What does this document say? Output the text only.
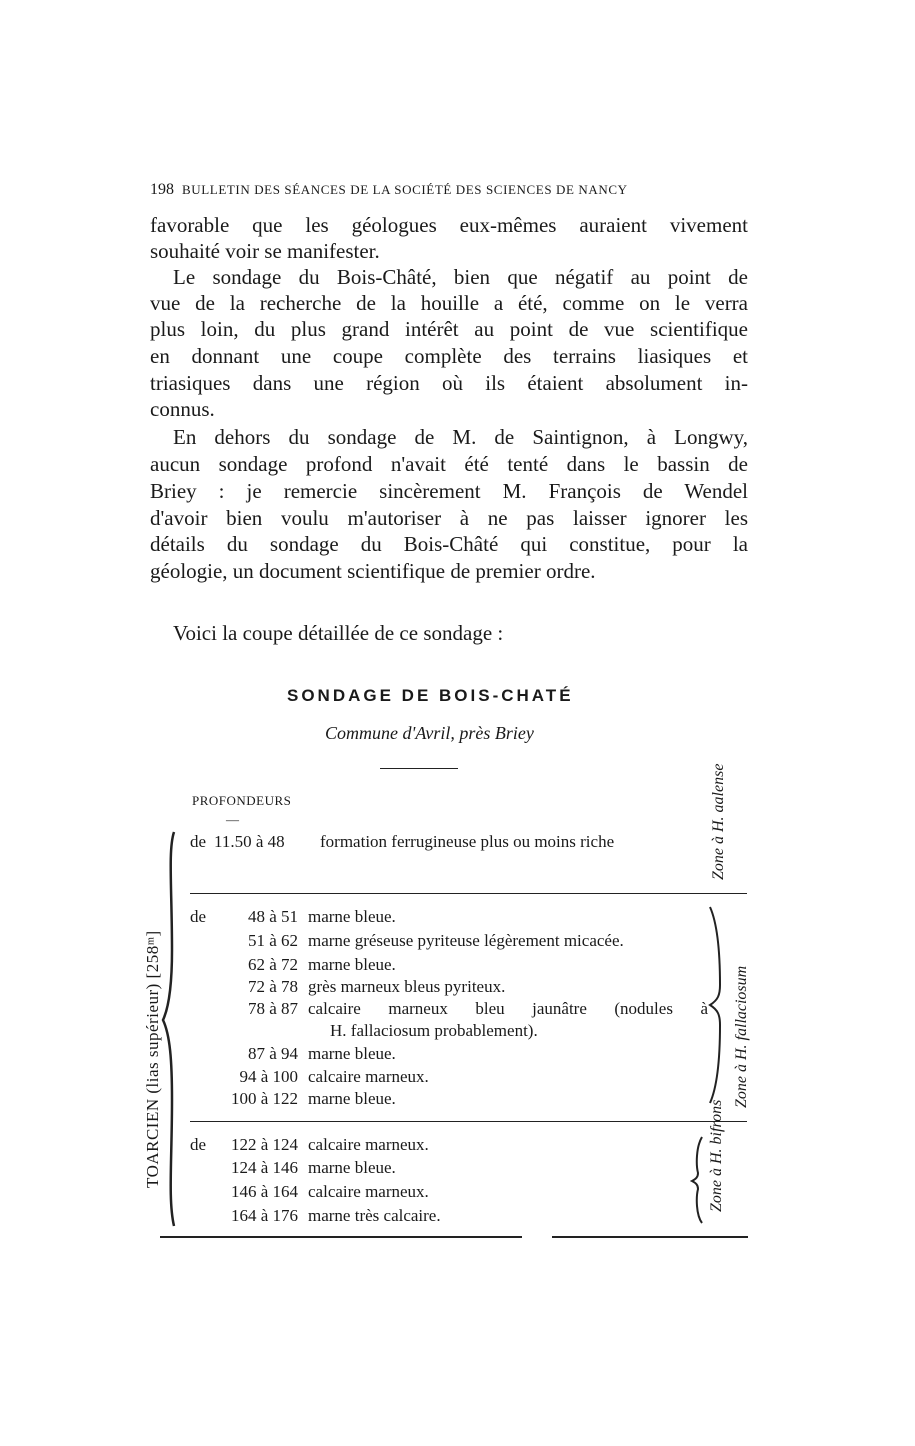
198 BULLETIN DES SÉANCES DE LA SOCIÉTÉ DES SCIENCES DE NANCY
favorable que les géologues eux-mêmes auraient vivement
souhaité voir se manifester.
Le sondage du Bois-Châté, bien que négatif au point de
vue de la recherche de la houille a été, comme on le verra
plus loin, du plus grand intérêt au point de vue scientifique
en donnant une coupe complète des terrains liasiques et
triasiques dans une région où ils étaient absolument in-
connus.
En dehors du sondage de M. de Saintignon, à Longwy,
aucun sondage profond n'avait été tenté dans le bassin de
Briey : je remercie sincèrement M. François de Wendel
d'avoir bien voulu m'autoriser à ne pas laisser ignorer les
détails du sondage du Bois-Châté qui constitue, pour la
géologie, un document scientifique de premier ordre.
Voici la coupe détaillée de ce sondage :
SONDAGE DE BOIS-CHATÉ
Commune d'Avril, près Briey
PROFONDEURS
—
TOARCIEN (lias supérieur) [258ᵐ]
de 11.50 à 48 formation ferrugineuse plus ou moins riche	Zone à H. aalense
de	48 à 51 marne bleue.
51 à 62 marne gréseuse pyriteuse légèrement micacée.
62 à 72 marne bleue.
72 à 78 grès marneux bleus pyriteux.
78 à 87 calcaire marneux bleu jaunâtre (nodules à
H. fallaciosum probablement).
87 à 94 marne bleue.
94 à 100 calcaire marneux.
100 à 122 marne bleue.	Zone à H. fallaciosum
de	122 à 124 calcaire marneux.
124 à 146 marne bleue.
146 à 164 calcaire marneux.
164 à 176 marne très calcaire.
Zone à H. bifrons
